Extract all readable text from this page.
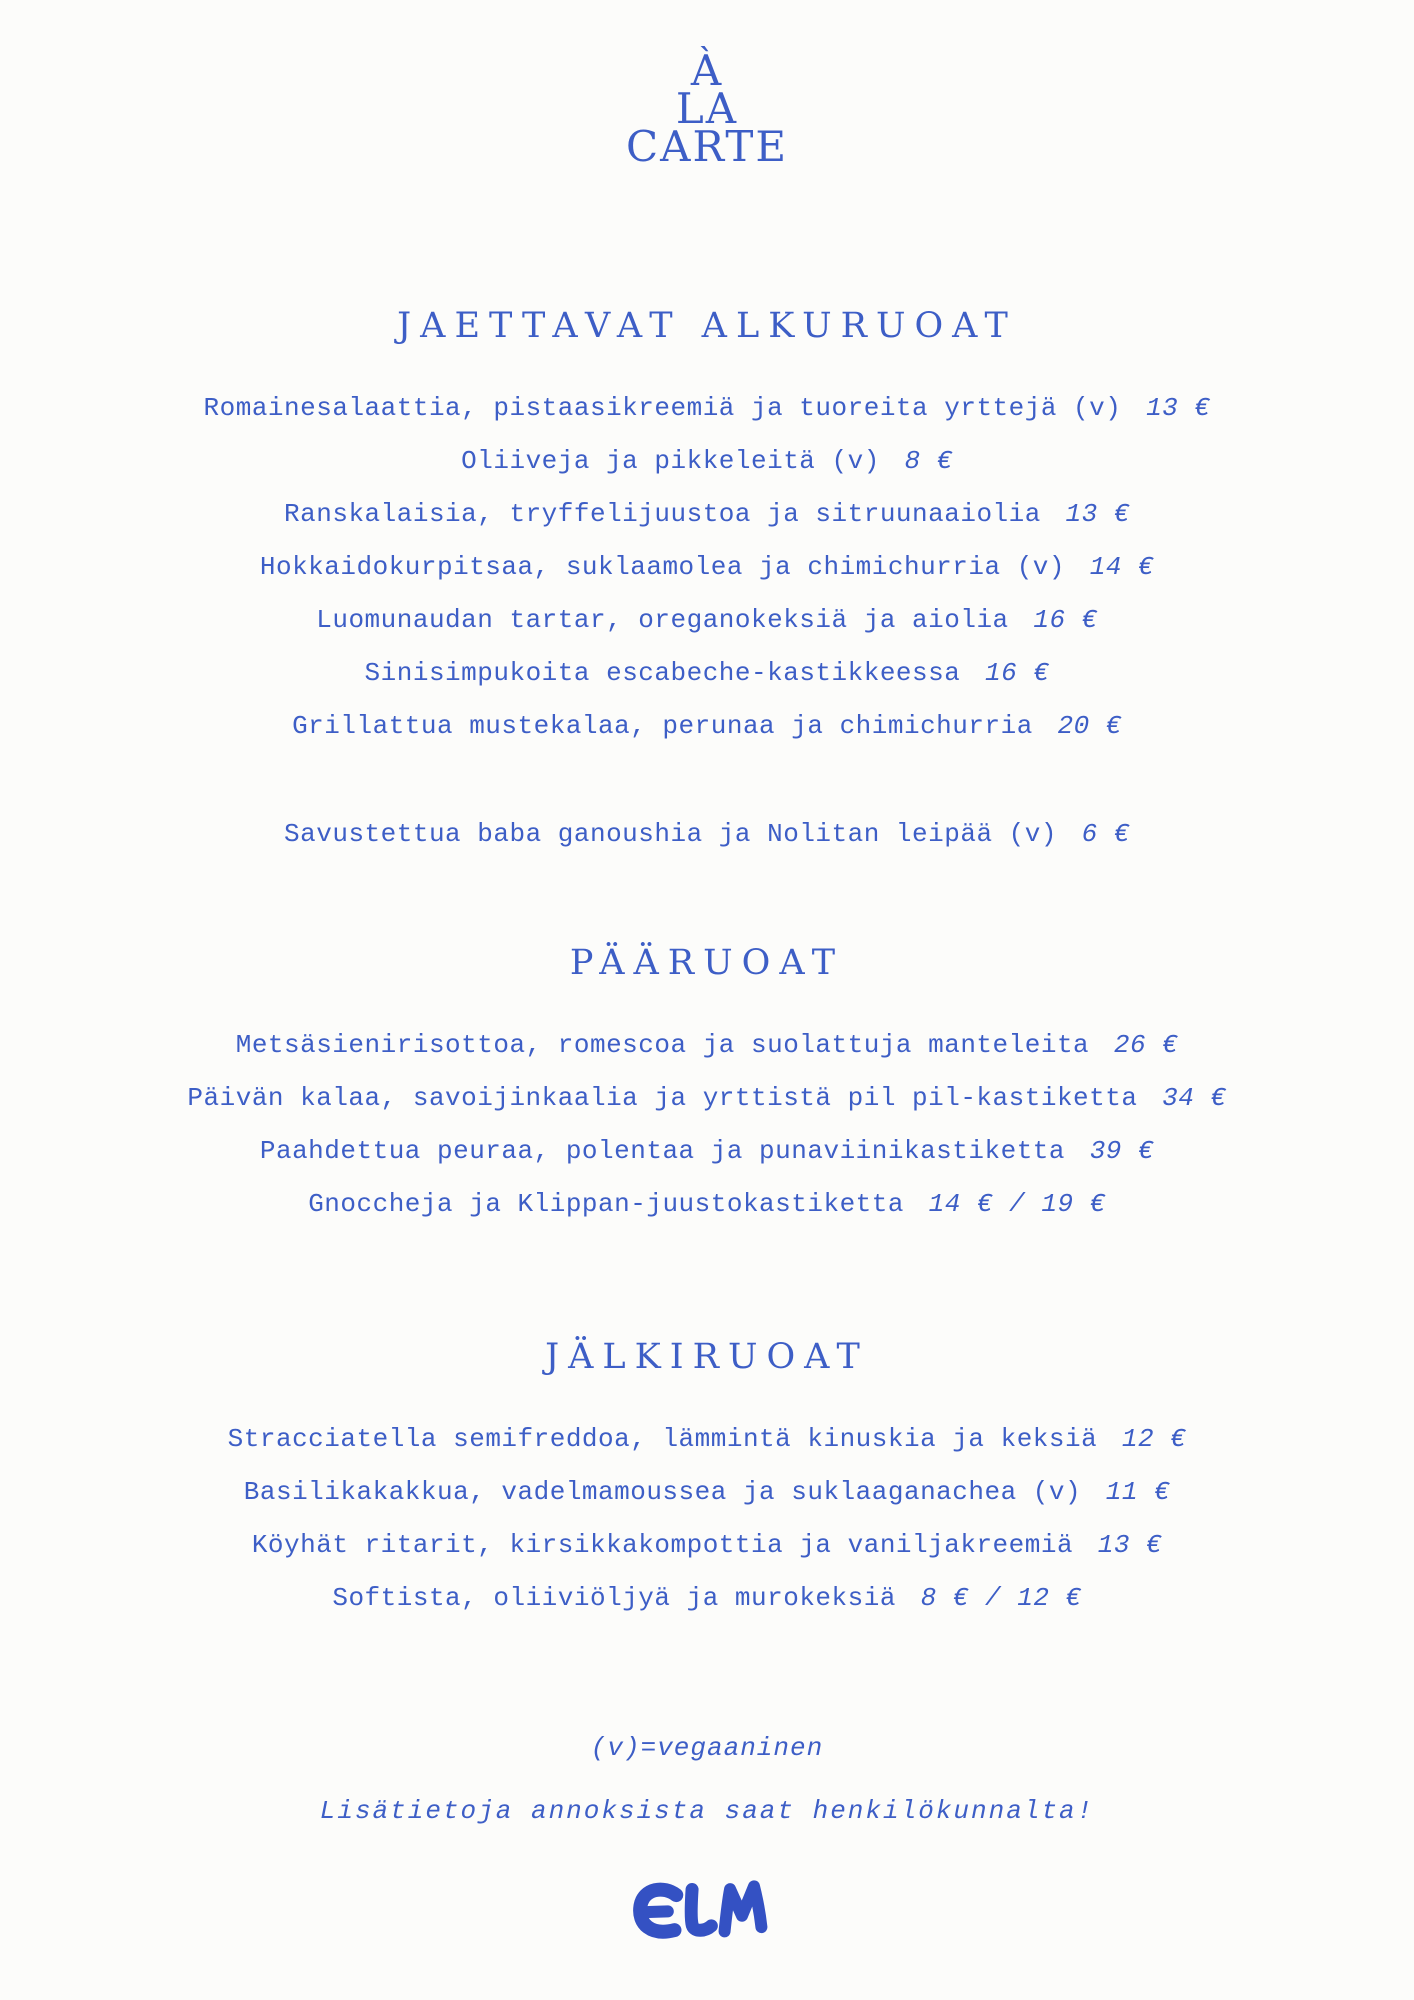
À
LA
CARTE
JAETTAVAT ALKURUOAT
Romainesalaattia, pistaasikreemiä ja tuoreita yrttejä (v) 13 €
Oliiveja ja pikkeleitä (v) 8 €
Ranskalaisia, tryffelijuustoa ja sitruunaaiolia 13 €
Hokkaidokurpitsaa, suklaamolea ja chimichurria (v) 14 €
Luomunaudan tartar, oreganokeksiä ja aiolia 16 €
Sinisimpukoita escabeche-kastikkeessa 16 €
Grillattua mustekalaa, perunaa ja chimichurria 20 €
Savustettua baba ganoushia ja Nolitan leipää (v) 6 €
PÄÄRUOAT
Metsäsienirisottoa, romescoa ja suolattuja manteleita 26 €
Päivän kalaa, savoijinkaalia ja yrttistä pil pil-kastiketta 34 €
Paahdettua peuraa, polentaa ja punaviinikastiketta 39 €
Gnoccheja ja Klippan-juustokastiketta 14 € / 19 €
JÄLKIRUOAT
Stracciatella semifreddoa, lämmintä kinuskia ja keksiä 12 €
Basilikakakkua, vadelmamoussea ja suklaaganachea (v) 11 €
Köyhät ritarit, kirsikkakompottia ja vaniljakreemiä 13 €
Softista, oliiviöljyä ja murokeksiä 8 € / 12 €
(v)=vegaaninen
Lisätietoja annoksista saat henkilökunnalta!
